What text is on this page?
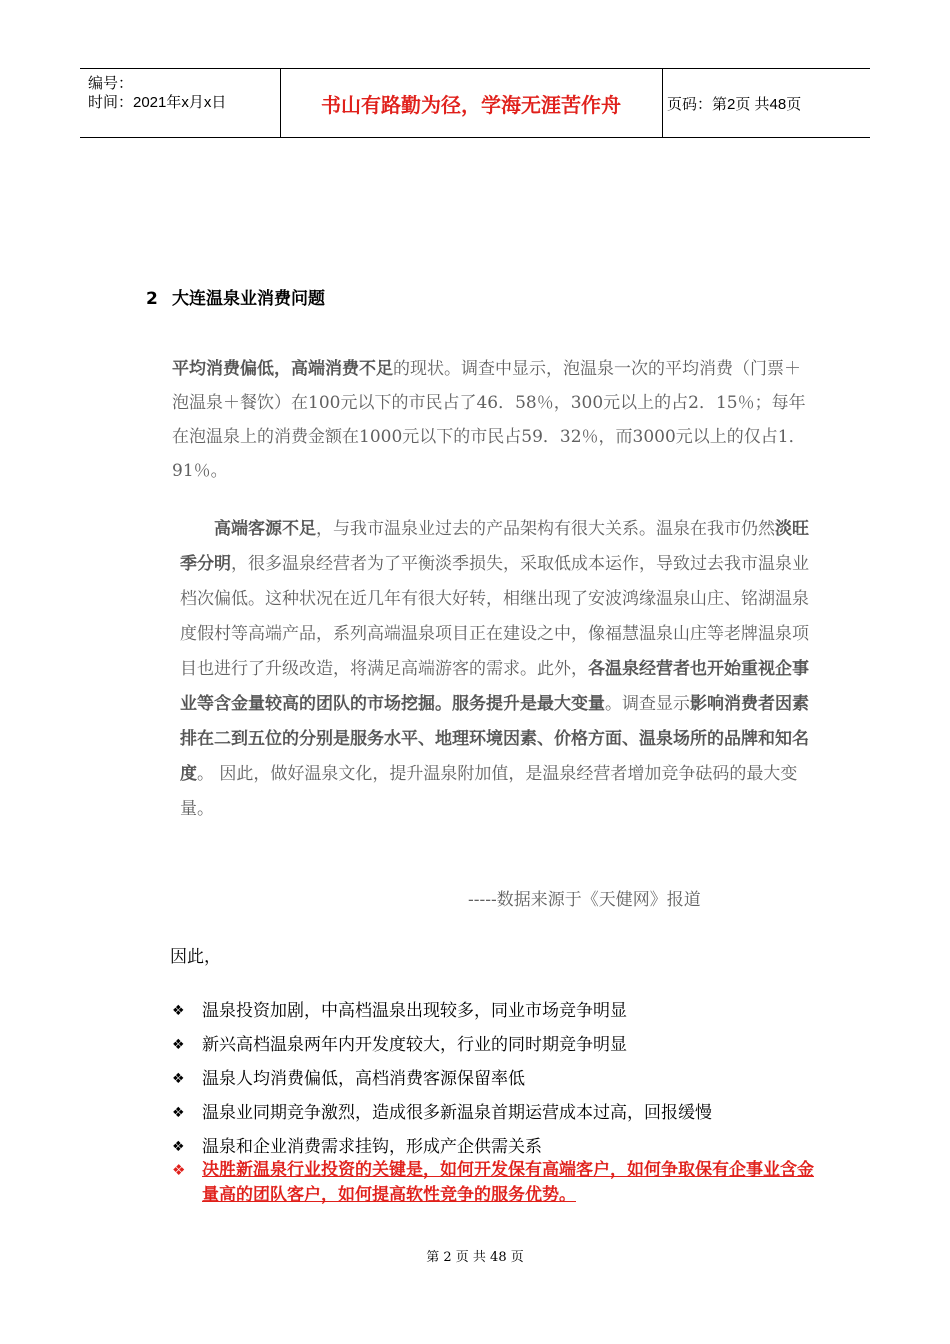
编号：
时间：2021年x月x日	书山有路勤为径，学海无涯苦作舟	页码：第2页 共48页
2 大连温泉业消费问题
平均消费偏低，高端消费不足的现状。调查中显示，泡温泉一次的平均消费（门票＋泡温泉＋餐饮）在100元以下的市民占了46．58％，300元以上的占2．15％；每年在泡温泉上的消费金额在1000元以下的市民占59．32％，而3000元以上的仅占1．91％。
高端客源不足，与我市温泉业过去的产品架构有很大关系。温泉在我市仍然淡旺季分明，很多温泉经营者为了平衡淡季损失，采取低成本运作，导致过去我市温泉业档次偏低。这种状况在近几年有很大好转，相继出现了安波鸿缘温泉山庄、铭湖温泉度假村等高端产品，系列高端温泉项目正在建设之中，像福慧温泉山庄等老牌温泉项目也进行了升级改造，将满足高端游客的需求。此外，各温泉经营者也开始重视企事业等含金量较高的团队的市场挖掘。服务提升是最大变量。调查显示影响消费者因素排在二到五位的分别是服务水平、地理环境因素、价格方面、温泉场所的品牌和知名度。 因此，做好温泉文化，提升温泉附加值，是温泉经营者增加竞争砝码的最大变量。
-----数据来源于《天健网》报道
因此，
❖ 温泉投资加剧，中高档温泉出现较多，同业市场竞争明显
❖ 新兴高档温泉两年内开发度较大，行业的同时期竞争明显
❖ 温泉人均消费偏低，高档消费客源保留率低
❖ 温泉业同期竞争激烈，造成很多新温泉首期运营成本过高，回报缓慢
❖ 温泉和企业消费需求挂钩，形成产企供需关系
❖ 决胜新温泉行业投资的关键是，如何开发保有高端客户，如何争取保有企事业含金量高的团队客户，如何提高软性竞争的服务优势。
第 2 页 共 48 页
